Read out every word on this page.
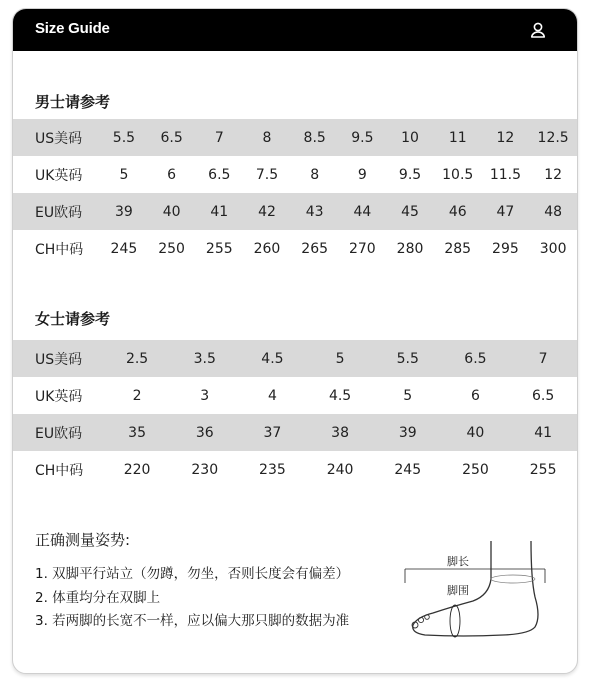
Size Guide
男士请参考
US美码	5.5	6.5	7	8	8.5	9.5	10	11	12	12.5
UK英码	5	6	6.5	7.5	8	9	9.5	10.5	11.5	12
EU欧码	39	40	41	42	43	44	45	46	47	48
CH中码	245	250	255	260	265	270	280	285	295	300
女士请参考
US美码	2.5	3.5	4.5	5	5.5	6.5	7
UK英码	2	3	4	4.5	5	6	6.5
EU欧码	35	36	37	38	39	40	41
CH中码	220	230	235	240	245	250	255
正确测量姿势:
1. 双脚平行站立（勿蹲，勿坐，否则长度会有偏差）
2. 体重均分在双脚上
3. 若两脚的长宽不一样，应以偏大那只脚的数据为准
脚长
脚围
